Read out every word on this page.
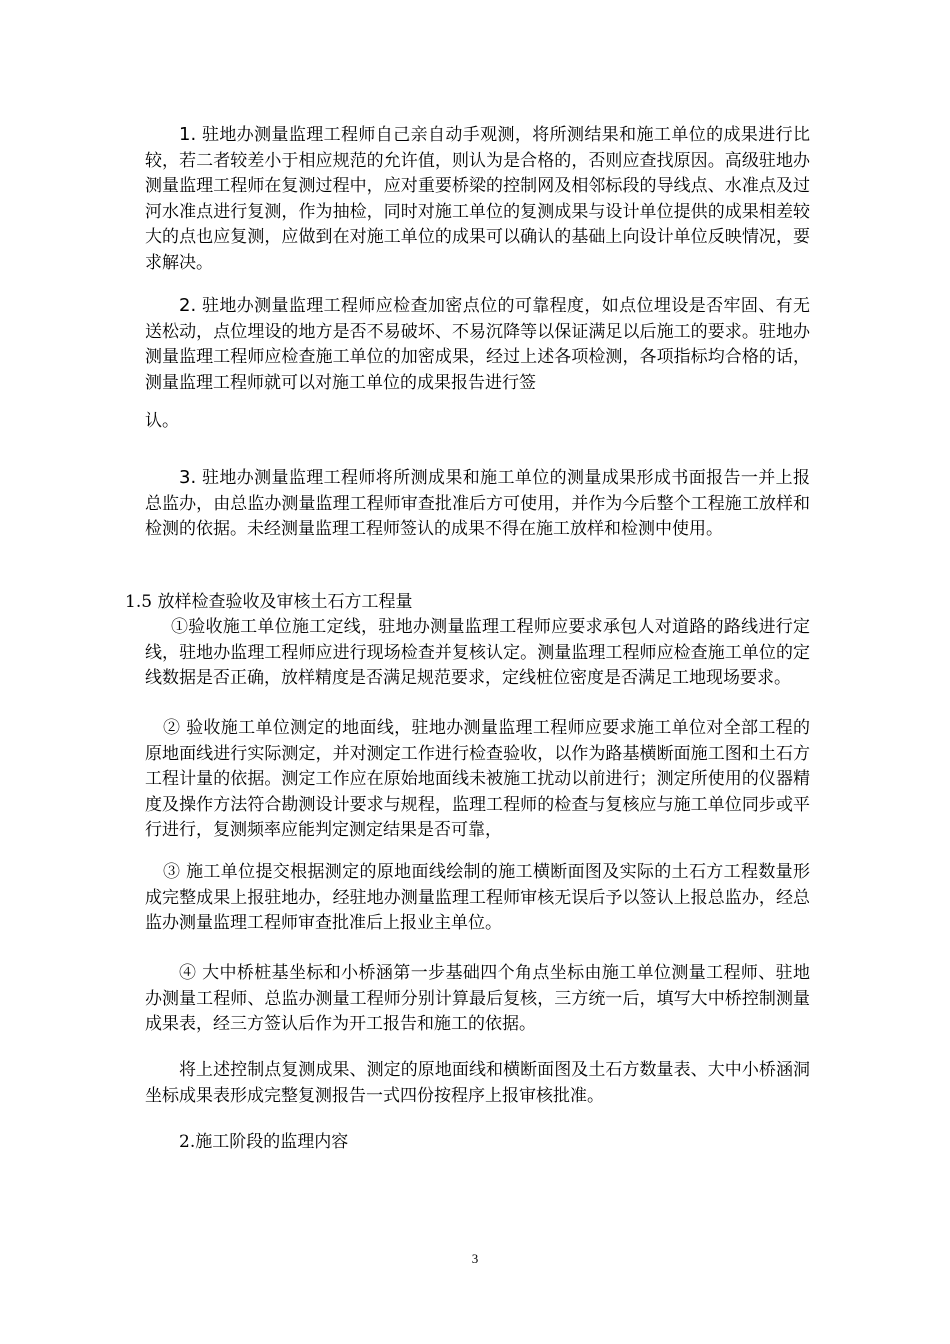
1. 驻地办测量监理工程师自己亲自动手观测，将所测结果和施工单位的成果进行比较，若二者较差小于相应规范的允许值，则认为是合格的，否则应查找原因。高级驻地办测量监理工程师在复测过程中，应对重要桥梁的控制网及相邻标段的导线点、水准点及过河水准点进行复测，作为抽检，同时对施工单位的复测成果与设计单位提供的成果相差较大的点也应复测，应做到在对施工单位的成果可以确认的基础上向设计单位反映情况，要求解决。

2. 驻地办测量监理工程师应检查加密点位的可靠程度，如点位埋设是否牢固、有无送松动，点位埋设的地方是否不易破坏、不易沉降等以保证满足以后施工的要求。驻地办测量监理工程师应检查施工单位的加密成果，经过上述各项检测，各项指标均合格的话，测量监理工程师就可以对施工单位的成果报告进行签

认。

3. 驻地办测量监理工程师将所测成果和施工单位的测量成果形成书面报告一并上报总监办，由总监办测量监理工程师审查批准后方可使用，并作为今后整个工程施工放样和检测的依据。未经测量监理工程师签认的成果不得在施工放样和检测中使用。

1.5 放样检查验收及审核土石方工程量

①验收施工单位施工定线，驻地办测量监理工程师应要求承包人对道路的路线进行定线，驻地办监理工程师应进行现场检查并复核认定。测量监理工程师应检查施工单位的定线数据是否正确，放样精度是否满足规范要求，定线桩位密度是否满足工地现场要求。

② 验收施工单位测定的地面线，驻地办测量监理工程师应要求施工单位对全部工程的原地面线进行实际测定，并对测定工作进行检查验收，以作为路基横断面施工图和土石方工程计量的依据。测定工作应在原始地面线未被施工扰动以前进行；测定所使用的仪器精度及操作方法符合勘测设计要求与规程，监理工程师的检查与复核应与施工单位同步或平行进行，复测频率应能判定测定结果是否可靠，

③ 施工单位提交根据测定的原地面线绘制的施工横断面图及实际的土石方工程数量形成完整成果上报驻地办，经驻地办测量监理工程师审核无误后予以签认上报总监办，经总监办测量监理工程师审查批准后上报业主单位。

④ 大中桥桩基坐标和小桥涵第一步基础四个角点坐标由施工单位测量工程师、驻地办测量工程师、总监办测量工程师分别计算最后复核，三方统一后，填写大中桥控制测量成果表，经三方签认后作为开工报告和施工的依据。

将上述控制点复测成果、测定的原地面线和横断面图及土石方数量表、大中小桥涵洞坐标成果表形成完整复测报告一式四份按程序上报审核批准。

2.施工阶段的监理内容

3
